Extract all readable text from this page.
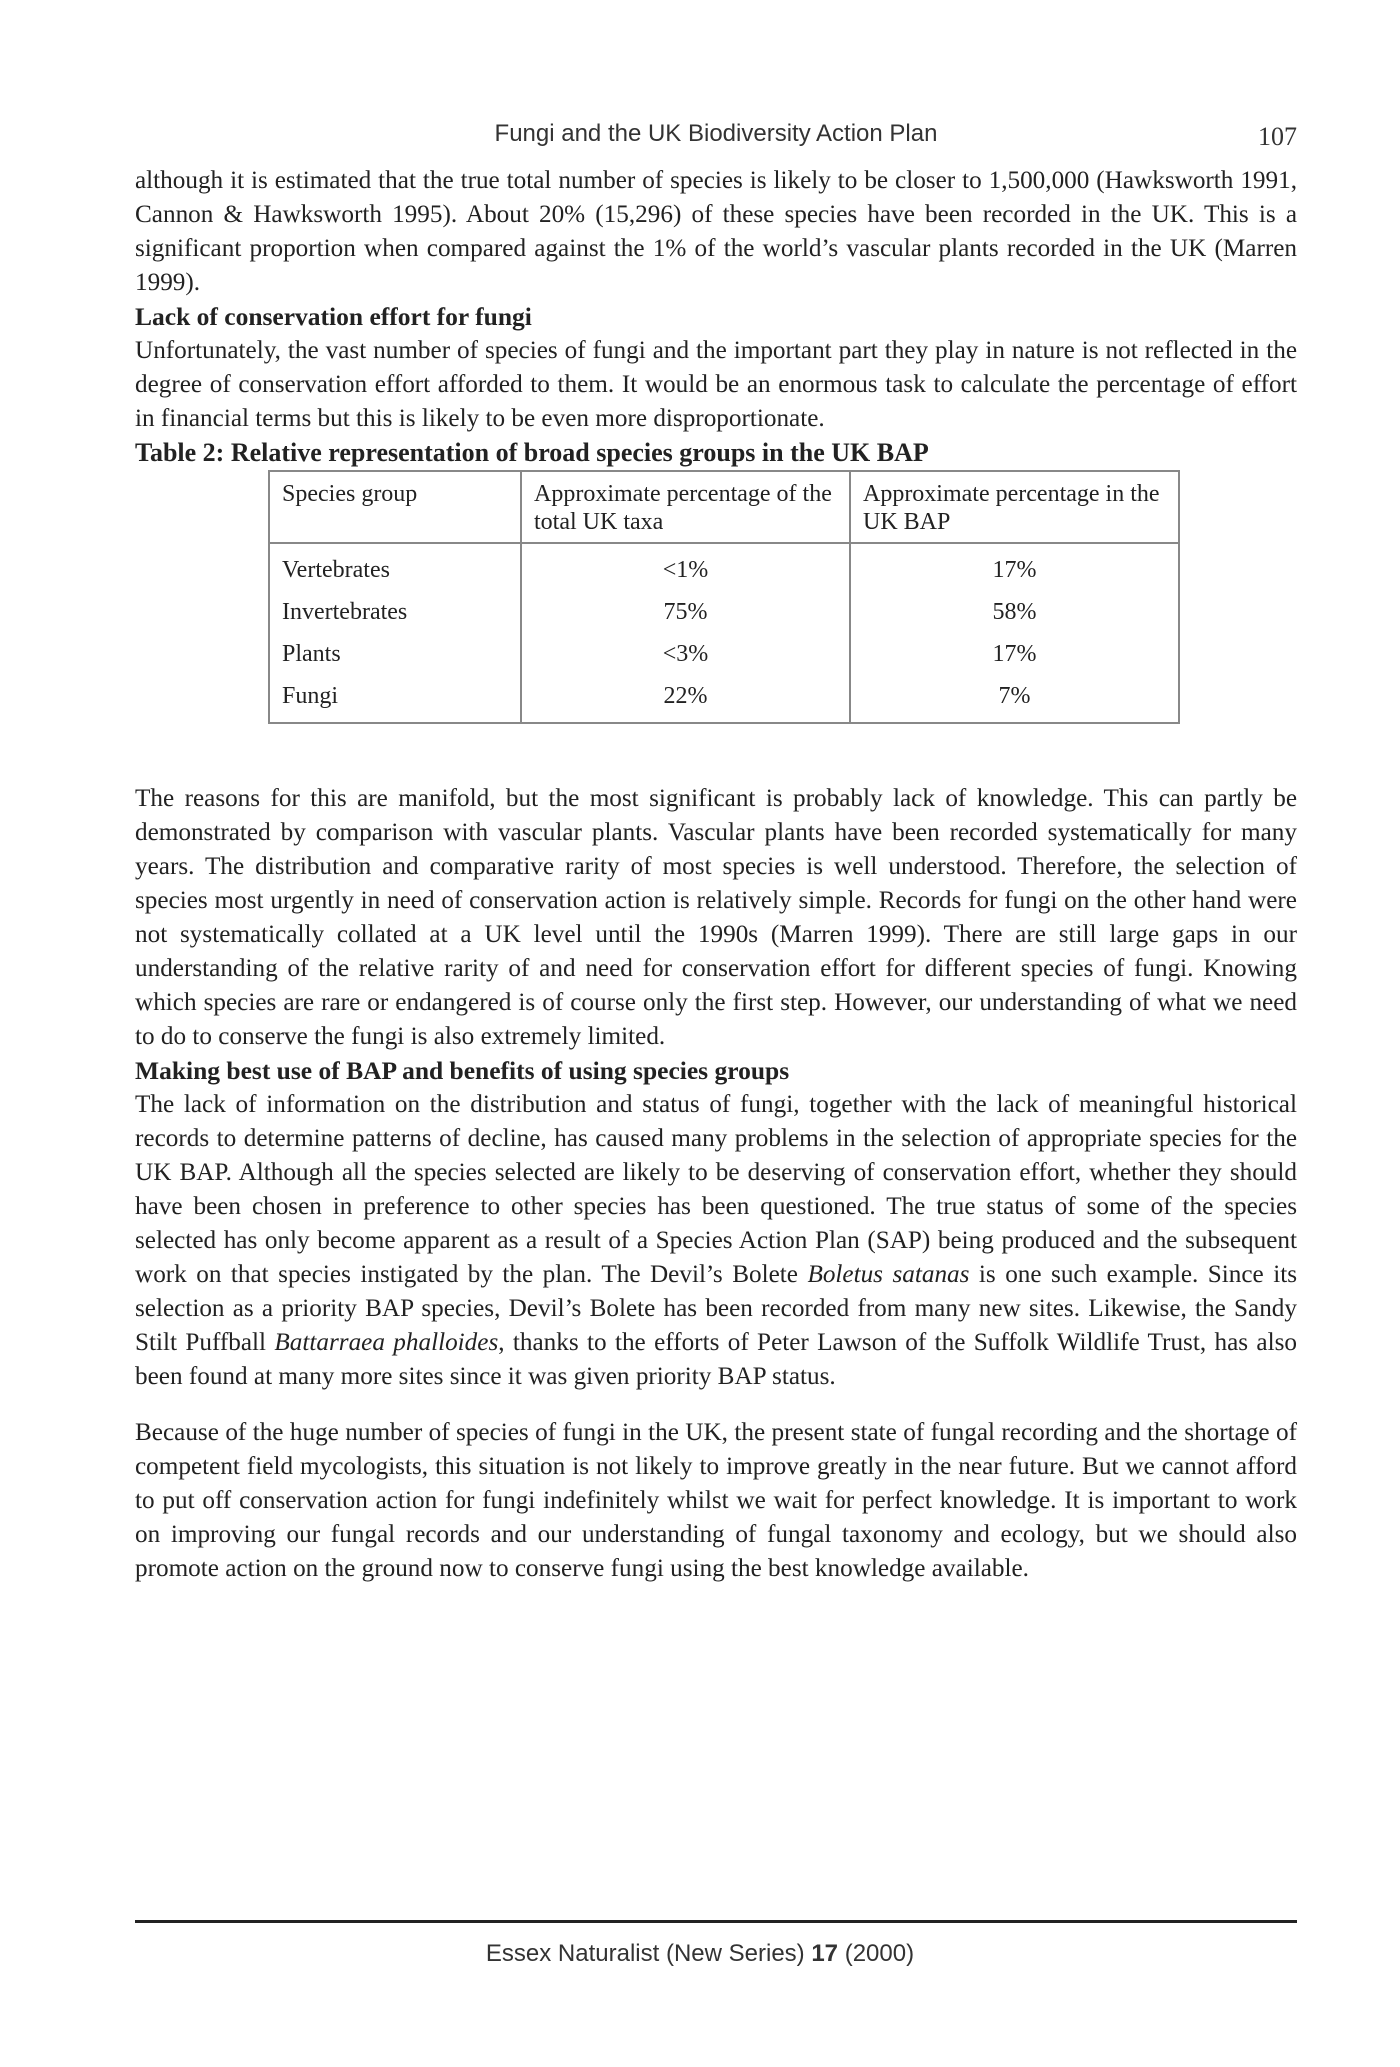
Fungi and the UK Biodiversity Action Plan	107

although it is estimated that the true total number of species is likely to be closer to 1,500,000 (Hawksworth 1991, Cannon & Hawksworth 1995). About 20% (15,296) of these species have been recorded in the UK. This is a significant proportion when compared against the 1% of the world’s vascular plants recorded in the UK (Marren 1999).

Lack of conservation effort for fungi

Unfortunately, the vast number of species of fungi and the important part they play in nature is not reflected in the degree of conservation effort afforded to them. It would be an enormous task to calculate the percentage of effort in financial terms but this is likely to be even more disproportionate.

Table 2: Relative representation of broad species groups in the UK BAP

Species group	Approximate percentage of the total UK taxa	Approximate percentage in the UK BAP
Vertebrates	<1%	17%
Invertebrates	75%	58%
Plants	<3%	17%
Fungi	22%	7%

The reasons for this are manifold, but the most significant is probably lack of knowledge. This can partly be demonstrated by comparison with vascular plants. Vascular plants have been recorded systematically for many years. The distribution and comparative rarity of most species is well understood. Therefore, the selection of species most urgently in need of conservation action is relatively simple. Records for fungi on the other hand were not systematically collated at a UK level until the 1990s (Marren 1999). There are still large gaps in our understanding of the relative rarity of and need for conservation effort for different species of fungi. Knowing which species are rare or endangered is of course only the first step. However, our understanding of what we need to do to conserve the fungi is also extremely limited.

Making best use of BAP and benefits of using species groups

The lack of information on the distribution and status of fungi, together with the lack of meaningful historical records to determine patterns of decline, has caused many problems in the selection of appropriate species for the UK BAP. Although all the species selected are likely to be deserving of conservation effort, whether they should have been chosen in preference to other species has been questioned. The true status of some of the species selected has only become apparent as a result of a Species Action Plan (SAP) being produced and the subsequent work on that species instigated by the plan. The Devil’s Bolete Boletus satanas is one such example. Since its selection as a priority BAP species, Devil’s Bolete has been recorded from many new sites. Likewise, the Sandy Stilt Puffball Battarraea phalloides, thanks to the efforts of Peter Lawson of the Suffolk Wildlife Trust, has also been found at many more sites since it was given priority BAP status.

Because of the huge number of species of fungi in the UK, the present state of fungal recording and the shortage of competent field mycologists, this situation is not likely to improve greatly in the near future. But we cannot afford to put off conservation action for fungi indefinitely whilst we wait for perfect knowledge. It is important to work on improving our fungal records and our understanding of fungal taxonomy and ecology, but we should also promote action on the ground now to conserve fungi using the best knowledge available.

Essex Naturalist (New Series) 17 (2000)
